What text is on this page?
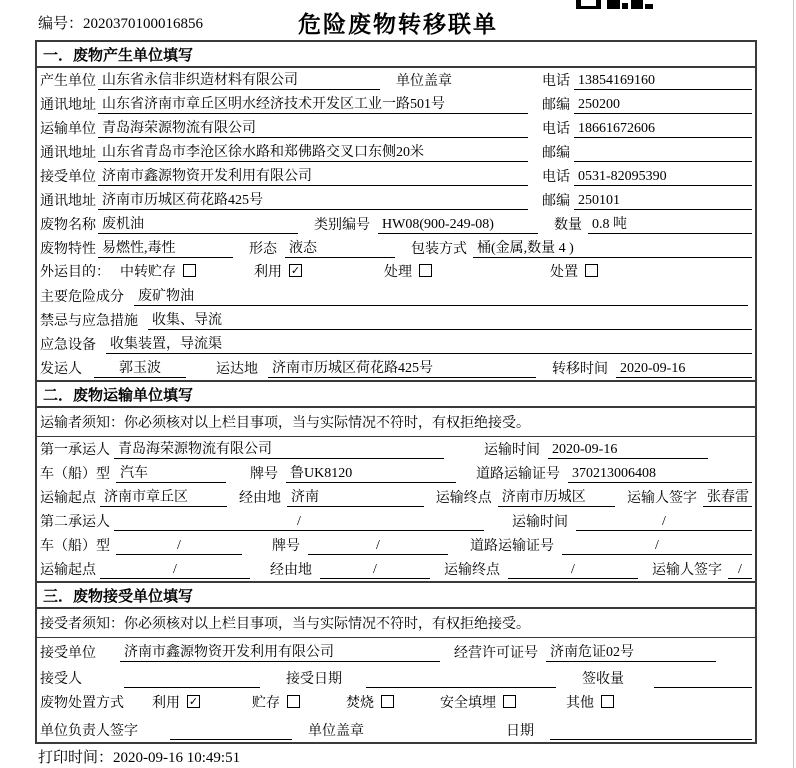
编号：2020370100016856	危险废物转移联单
一．废物产生单位填写
产生单位 山东省永信非织造材料有限公司	单位盖章	电话 13854169160
通讯地址 山东省济南市章丘区明水经济技术开发区工业一路501号	邮编 250200
运输单位 青岛海荣源物流有限公司	电话 18661672606
通讯地址 山东省青岛市李沧区徐水路和郑佛路交叉口东侧20米	邮编
接受单位 济南市鑫源物资开发利用有限公司	电话 0531-82095390
通讯地址 济南市历城区荷花路425号	邮编 250101
废物名称 废机油	类别编号 HW08(900-249-08)	数量 0.8 吨
废物特性 易燃性,毒性	形态 液态	包装方式 桶(金属,数量 4 )
外运目的： 中转贮存	利用 ✓	处理	处置
主要危险成分 废矿物油
禁忌与应急措施 收集、导流
应急设备 收集装置，导流渠
发运人	郭玉波	运达地 济南市历城区荷花路425号	转移时间 2020-09-16
二．废物运输单位填写
运输者须知：你必须核对以上栏目事项，当与实际情况不符时，有权拒绝接受。
第一承运人 青岛海荣源物流有限公司	运输时间 2020-09-16
车（船）型 汽车	牌号 鲁UK8120	道路运输证号 370213006408
运输起点 济南市章丘区	经由地 济南	运输终点 济南市历城区	运输人签字 张春雷
第二承运人	/	运输时间	/
车（船）型	/	牌号	/	道路运输证号	/
运输起点	/	经由地	/	运输终点	/	运输人签字	/
三．废物接受单位填写
接受者须知：你必须核对以上栏目事项，当与实际情况不符时，有权拒绝接受。
接受单位 济南市鑫源物资开发利用有限公司	经营许可证号 济南危证02号
接受人	接受日期	签收量
废物处置方式 利用 ✓	贮存	焚烧	安全填埋	其他
单位负责人签字	单位盖章	日期
打印时间：2020-09-16 10:49:51
